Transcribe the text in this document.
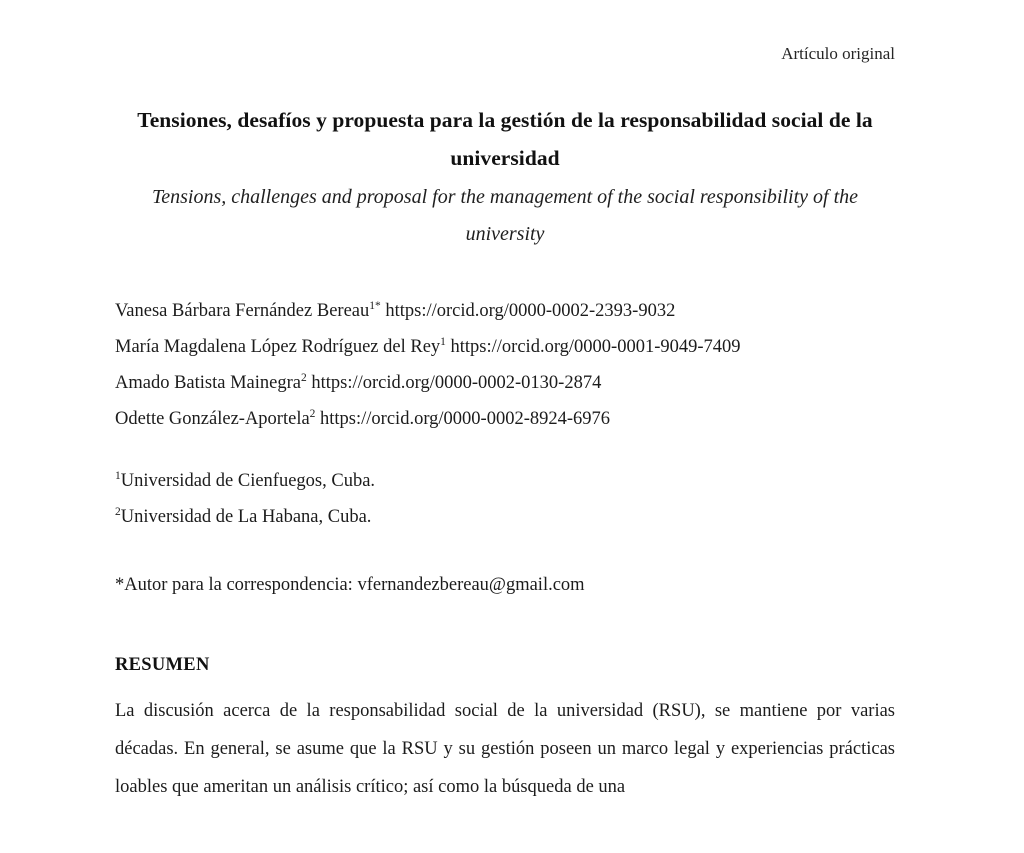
Artículo original
Tensiones, desafíos y propuesta para la gestión de la responsabilidad social de la universidad
Tensions, challenges and proposal for the management of the social responsibility of the university
Vanesa Bárbara Fernández Bereau$^{1*}$ https://orcid.org/0000-0002-2393-9032
María Magdalena López Rodríguez del Rey$^1$ https://orcid.org/0000-0001-9049-7409
Amado Batista Mainegra$^2$ https://orcid.org/0000-0002-0130-2874
Odette González-Aportela$^2$ https://orcid.org/0000-0002-8924-6976
$^1$Universidad de Cienfuegos, Cuba.
$^2$Universidad de La Habana, Cuba.
*Autor para la correspondencia: vfernandezbereau@gmail.com
RESUMEN
La discusión acerca de la responsabilidad social de la universidad (RSU), se mantiene por varias décadas. En general, se asume que la RSU y su gestión poseen un marco legal y experiencias prácticas loables que ameritan un análisis crítico; así como la búsqueda de una
